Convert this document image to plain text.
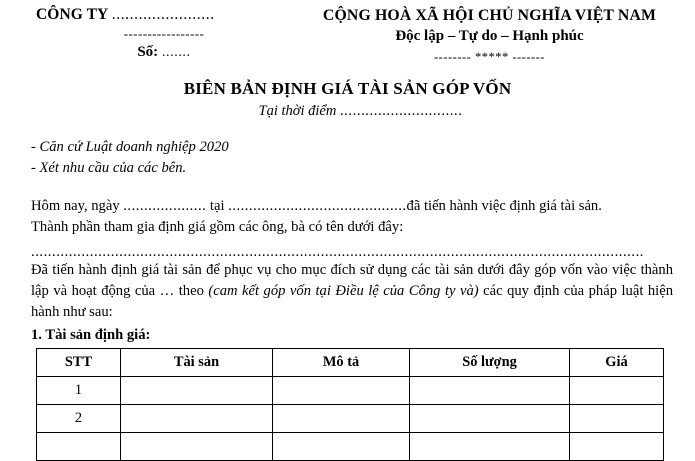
CÔNG TY .......................
-----------------
Số: .......
CỘNG HOÀ XÃ HỘI CHỦ NGHĨA VIỆT NAM
Độc lập – Tự do – Hạnh phúc
-------- ***** -------
BIÊN BẢN ĐỊNH GIÁ TÀI SẢN GÓP VỐN
Tại thời điểm .............................
- Căn cứ Luật doanh nghiệp 2020
- Xét nhu cầu của các bên.

Hôm nay, ngày .................... tại ...........................................đã tiến hành việc định giá tài sản.

Thành phần tham gia định giá gồm các ông, bà có tên dưới đây:

..................................................................................................................................................

Đã tiến hành định giá tài sản để phục vụ cho mục đích sử dụng các tài sản dưới đây góp vốn vào việc thành lập và hoạt động của … theo (cam kết góp vốn tại Điều lệ của Công ty và) các quy định của pháp luật hiện hành như sau:

1. Tài sản định giá:
STT	Tài sản	Mô tả	Số lượng	Giá
1				
2				
